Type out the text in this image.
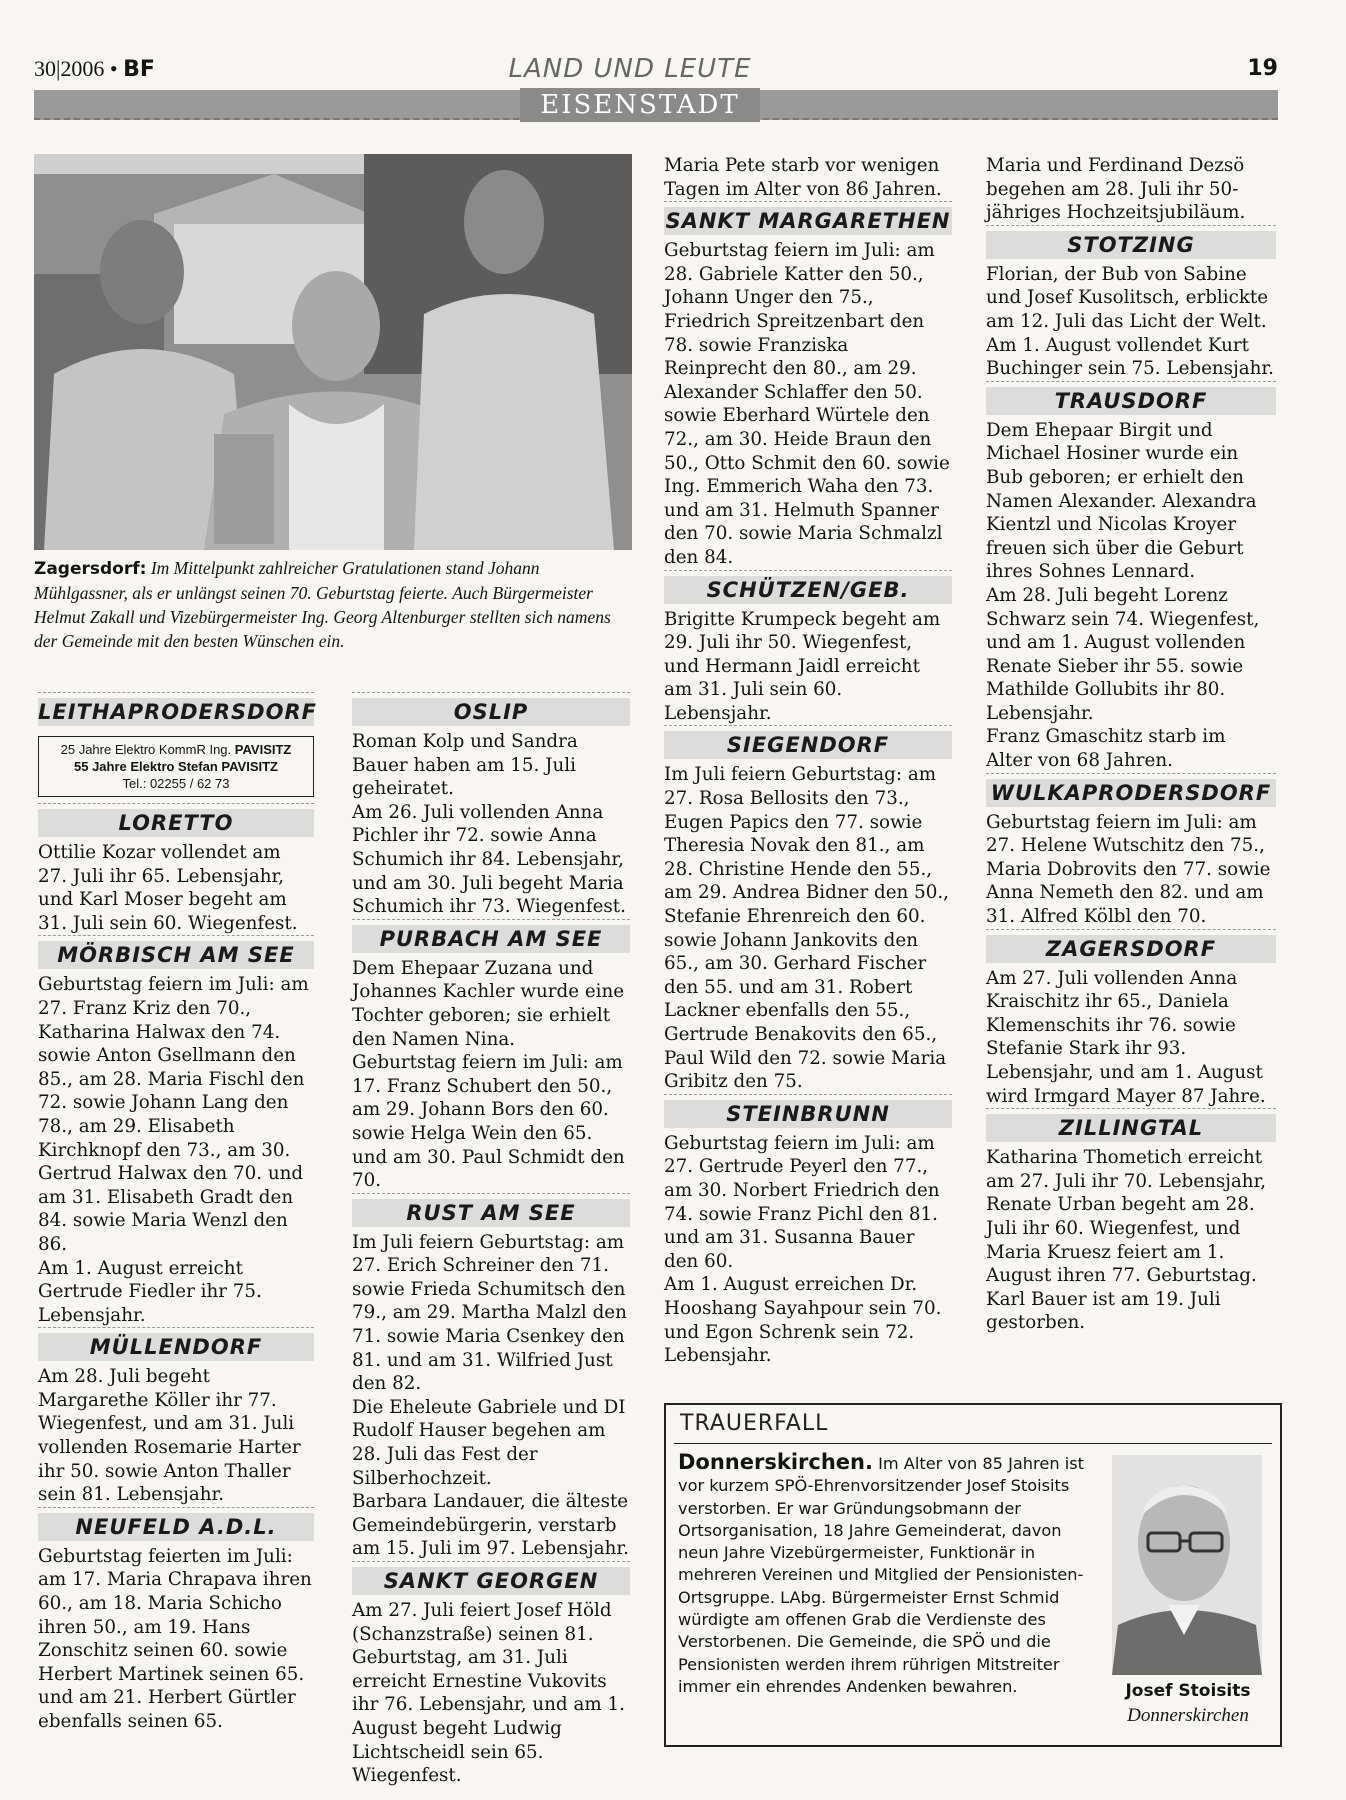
30|2006 • BF	LAND UND LEUTE	19
EISENSTADT
Zagersdorf: Im Mittelpunkt zahlreicher Gratulationen stand Johann Mühlgassner, als er unlängst seinen 70. Geburtstag feierte. Auch Bürgermeister Helmut Zakall und Vizebürgermeister Ing. Georg Altenburger stellten sich namens der Gemeinde mit den besten Wünschen ein.
LEITHAPRODERSDORF
25 Jahre Elektro KommR Ing. PAVISITZ
55 Jahre Elektro Stefan PAVISITZ
Tel.: 02255 / 62 73
LORETTO

Ottilie Kozar vollendet am 27. Juli ihr 65. Lebensjahr, und Karl Moser begeht am 31. Juli sein 60. Wiegenfest.

MÖRBISCH AM SEE

Geburtstag feiern im Juli: am 27. Franz Kriz den 70., Katharina Halwax den 74. sowie Anton Gsellmann den 85., am 28. Maria Fischl den 72. sowie Johann Lang den 78., am 29. Elisabeth Kirchknopf den 73., am 30. Gertrud Halwax den 70. und am 31. Elisabeth Gradt den 84. sowie Maria Wenzl den 86.

Am 1. August erreicht Gertrude Fiedler ihr 75. Lebensjahr.

MÜLLENDORF

Am 28. Juli begeht Margarethe Köller ihr 77. Wiegenfest, und am 31. Juli vollenden Rosemarie Harter ihr 50. sowie Anton Thaller sein 81. Lebensjahr.

NEUFELD A.D.L.

Geburtstag feierten im Juli: am 17. Maria Chrapava ihren 60., am 18. Maria Schicho ihren 50., am 19. Hans Zonschitz seinen 60. sowie Herbert Martinek seinen 65. und am 21. Herbert Gürtler ebenfalls seinen 65.

OSLIP

Roman Kolp und Sandra Bauer haben am 15. Juli geheiratet.

Am 26. Juli vollenden Anna Pichler ihr 72. sowie Anna Schumich ihr 84. Lebensjahr, und am 30. Juli begeht Maria Schumich ihr 73. Wiegenfest.

PURBACH AM SEE

Dem Ehepaar Zuzana und Johannes Kachler wurde eine Tochter geboren; sie erhielt den Namen Nina.

Geburtstag feiern im Juli: am 17. Franz Schubert den 50., am 29. Johann Bors den 60. sowie Helga Wein den 65. und am 30. Paul Schmidt den 70.

RUST AM SEE

Im Juli feiern Geburtstag: am 27. Erich Schreiner den 71. sowie Frieda Schumitsch den 79., am 29. Martha Malzl den 71. sowie Maria Csenkey den 81. und am 31. Wilfried Just den 82.

Die Eheleute Gabriele und DI Rudolf Hauser begehen am 28. Juli das Fest der Silberhochzeit.

Barbara Landauer, die älteste Gemeindebürgerin, verstarb am 15. Juli im 97. Lebensjahr.

SANKT GEORGEN

Am 27. Juli feiert Josef Höld (Schanzstraße) seinen 81. Geburtstag, am 31. Juli erreicht Ernestine Vukovits ihr 76. Lebensjahr, und am 1. August begeht Ludwig Lichtscheidl sein 65. Wiegenfest.

Maria Pete starb vor wenigen Tagen im Alter von 86 Jahren.

SANKT MARGARETHEN

Geburtstag feiern im Juli: am 28. Gabriele Katter den 50., Johann Unger den 75., Friedrich Spreitzenbart den 78. sowie Franziska Reinprecht den 80., am 29. Alexander Schlaffer den 50. sowie Eberhard Würtele den 72., am 30. Heide Braun den 50., Otto Schmit den 60. sowie Ing. Emmerich Waha den 73. und am 31. Helmuth Spanner den 70. sowie Maria Schmalzl den 84.

SCHÜTZEN/GEB.

Brigitte Krumpeck begeht am 29. Juli ihr 50. Wiegenfest, und Hermann Jaidl erreicht am 31. Juli sein 60. Lebensjahr.

SIEGENDORF

Im Juli feiern Geburtstag: am 27. Rosa Bellosits den 73., Eugen Papics den 77. sowie Theresia Novak den 81., am 28. Christine Hende den 55., am 29. Andrea Bidner den 50., Stefanie Ehrenreich den 60. sowie Johann Jankovits den 65., am 30. Gerhard Fischer den 55. und am 31. Robert Lackner ebenfalls den 55., Gertrude Benakovits den 65., Paul Wild den 72. sowie Maria Gribitz den 75.

STEINBRUNN

Geburtstag feiern im Juli: am 27. Gertrude Peyerl den 77., am 30. Norbert Friedrich den 74. sowie Franz Pichl den 81. und am 31. Susanna Bauer den 60.

Am 1. August erreichen Dr. Hooshang Sayahpour sein 70. und Egon Schrenk sein 72. Lebensjahr.

Maria und Ferdinand Dezsö begehen am 28. Juli ihr 50-jähriges Hochzeitsjubiläum.

STOTZING

Florian, der Bub von Sabine und Josef Kusolitsch, erblickte am 12. Juli das Licht der Welt.

Am 1. August vollendet Kurt Buchinger sein 75. Lebensjahr.

TRAUSDORF

Dem Ehepaar Birgit und Michael Hosiner wurde ein Bub geboren; er erhielt den Namen Alexander. Alexandra Kientzl und Nicolas Kroyer freuen sich über die Geburt ihres Sohnes Lennard.

Am 28. Juli begeht Lorenz Schwarz sein 74. Wiegenfest, und am 1. August vollenden Renate Sieber ihr 55. sowie Mathilde Gollubits ihr 80. Lebensjahr.

Franz Gmaschitz starb im Alter von 68 Jahren.

WULKAPRODERSDORF

Geburtstag feiern im Juli: am 27. Helene Wutschitz den 75., Maria Dobrovits den 77. sowie Anna Nemeth den 82. und am 31. Alfred Kölbl den 70.

ZAGERSDORF

Am 27. Juli vollenden Anna Kraischitz ihr 65., Daniela Klemenschits ihr 76. sowie Stefanie Stark ihr 93. Lebensjahr, und am 1. August wird Irmgard Mayer 87 Jahre.

ZILLINGTAL

Katharina Thometich erreicht am 27. Juli ihr 70. Lebensjahr, Renate Urban begeht am 28. Juli ihr 60. Wiegenfest, und Maria Kruesz feiert am 1. August ihren 77. Geburtstag.

Karl Bauer ist am 19. Juli gestorben.

TRAUERFALL
Donnerskirchen. Im Alter von 85 Jahren ist vor kurzem SPÖ-Ehrenvorsitzender Josef Stoisits verstorben. Er war Gründungsobmann der Ortsorganisation, 18 Jahre Gemeinderat, davon neun Jahre Vizebürgermeister, Funktionär in mehreren Vereinen und Mitglied der Pensionisten-Ortsgruppe. LAbg. Bürgermeister Ernst Schmid würdigte am offenen Grab die Verdienste des Verstorbenen. Die Gemeinde, die SPÖ und die Pensionisten werden ihrem rührigen Mitstreiter immer ein ehrendes Andenken bewahren.	Josef Stoisits
Donnerskirchen
